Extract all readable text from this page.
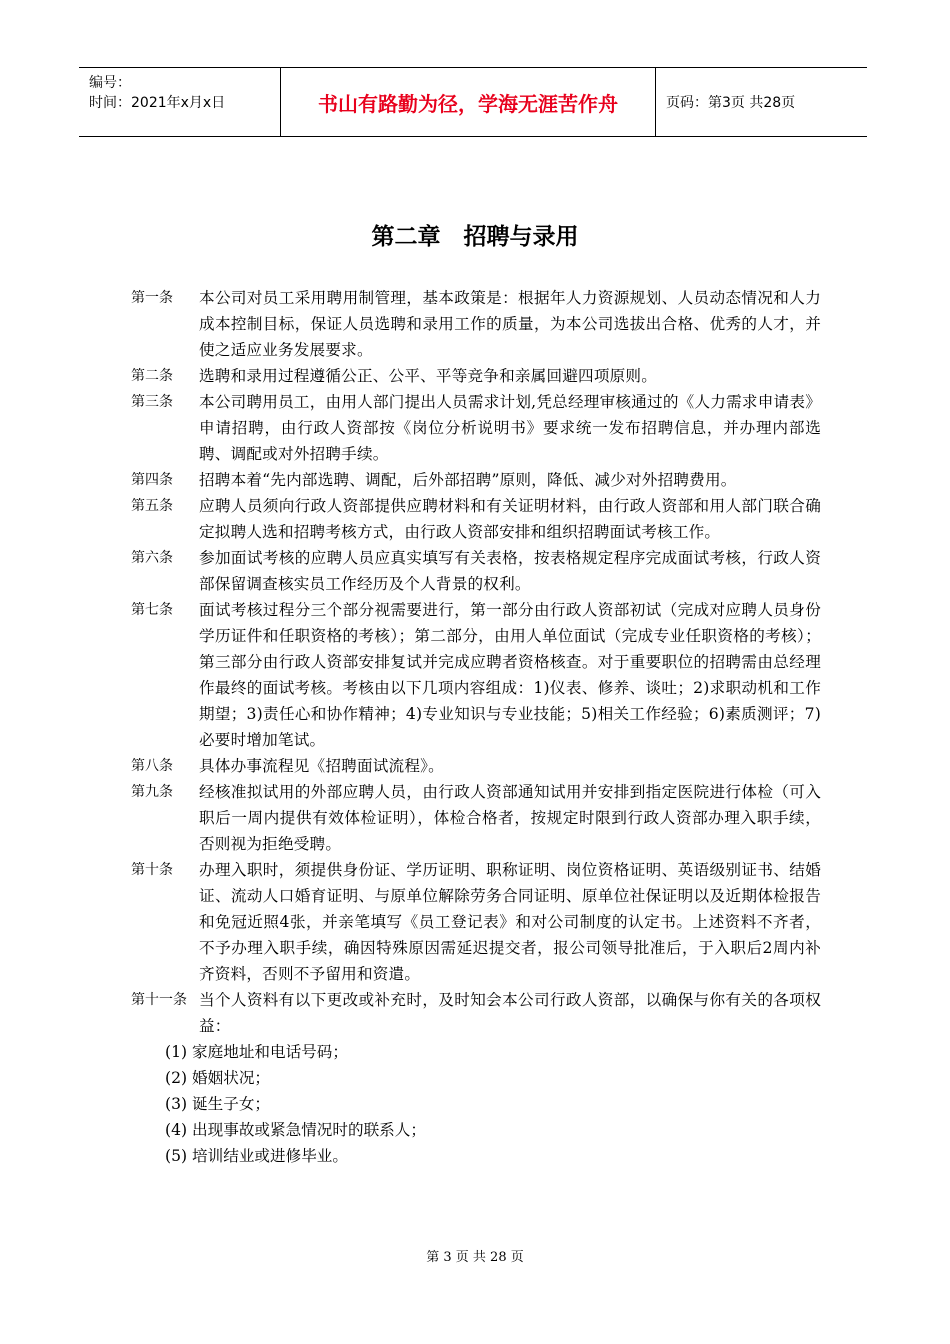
编号：
时间：2021年x月x日	书山有路勤为径，学海无涯苦作舟	页码：第3页 共28页
第二章　招聘与录用
第一条	本公司对员工采用聘用制管理，基本政策是：根据年人力资源规划、人员动态情况和人力成本控制目标，保证人员选聘和录用工作的质量，为本公司选拔出合格、优秀的人才，并使之适应业务发展要求。
第二条	选聘和录用过程遵循公正、公平、平等竞争和亲属回避四项原则。
第三条	本公司聘用员工，由用人部门提出人员需求计划,凭总经理审核通过的《人力需求申请表》申请招聘，由行政人资部按《岗位分析说明书》要求统一发布招聘信息，并办理内部选聘、调配或对外招聘手续。
第四条	招聘本着“先内部选聘、调配，后外部招聘”原则，降低、减少对外招聘费用。
第五条	应聘人员须向行政人资部提供应聘材料和有关证明材料，由行政人资部和用人部门联合确定拟聘人选和招聘考核方式，由行政人资部安排和组织招聘面试考核工作。
第六条	参加面试考核的应聘人员应真实填写有关表格，按表格规定程序完成面试考核，行政人资部保留调查核实员工作经历及个人背景的权利。
第七条	面试考核过程分三个部分视需要进行，第一部分由行政人资部初试（完成对应聘人员身份学历证件和任职资格的考核）；第二部分，由用人单位面试（完成专业任职资格的考核）；第三部分由行政人资部安排复试并完成应聘者资格核查。对于重要职位的招聘需由总经理作最终的面试考核。考核由以下几项内容组成：1)仪表、修养、谈吐；2)求职动机和工作期望；3)责任心和协作精神；4)专业知识与专业技能；5)相关工作经验；6)素质测评；7)必要时增加笔试。
第八条	具体办事流程见《招聘面试流程》。
第九条	经核准拟试用的外部应聘人员，由行政人资部通知试用并安排到指定医院进行体检（可入职后一周内提供有效体检证明），体检合格者，按规定时限到行政人资部办理入职手续，否则视为拒绝受聘。
第十条	办理入职时，须提供身份证、学历证明、职称证明、岗位资格证明、英语级别证书、结婚证、流动人口婚育证明、与原单位解除劳务合同证明、原单位社保证明以及近期体检报告和免冠近照4张，并亲笔填写《员工登记表》和对公司制度的认定书。上述资料不齐者，不予办理入职手续，确因特殊原因需延迟提交者，报公司领导批准后，于入职后2周内补齐资料，否则不予留用和资遣。
第十一条 当个人资料有以下更改或补充时，及时知会本公司行政人资部，以确保与你有关的各项权益：
(1) 家庭地址和电话号码；
(2) 婚姻状况；
(3) 诞生子女；
(4) 出现事故或紧急情况时的联系人；
(5) 培训结业或进修毕业。
第 3 页 共 28 页
